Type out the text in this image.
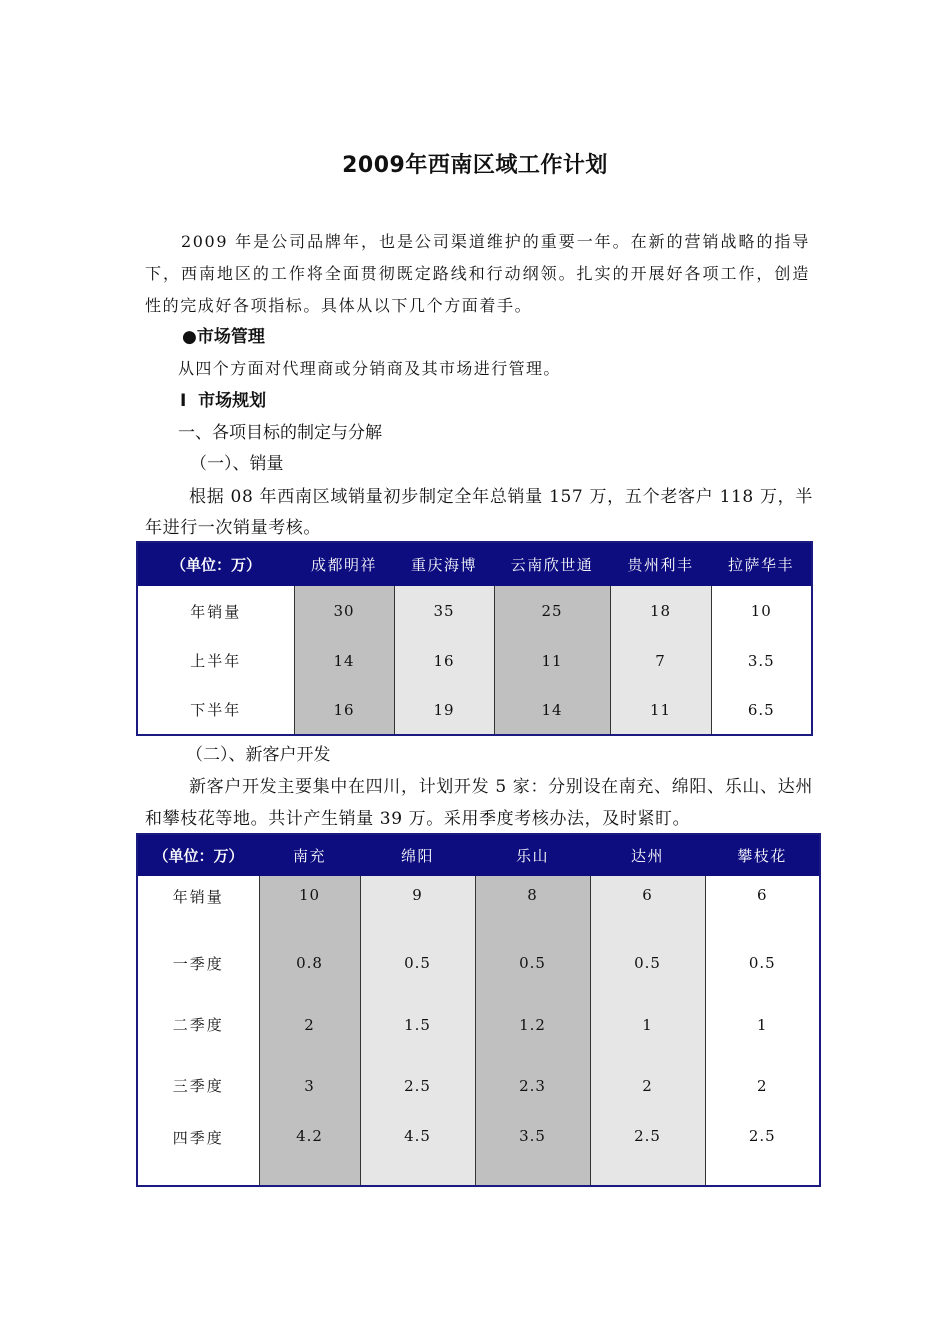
2009年西南区域工作计划
2009 年是公司品牌年，也是公司渠道维护的重要一年。在新的营销战略的指导下，西南地区的工作将全面贯彻既定路线和行动纲领。扎实的开展好各项工作，创造性的完成好各项指标。具体从以下几个方面着手。
●市场管理
从四个方面对代理商或分销商及其市场进行管理。
Ⅰ  市场规划
一、各项目标的制定与分解
（一）、销量
根据 08 年西南区域销量初步制定全年总销量 157 万，五个老客户 118 万，半年进行一次销量考核。
（单位：万）	成都明祥	重庆海博	云南欣世通	贵州利丰	拉萨华丰
年销量	30	35	25	18	10
上半年	14	16	11	7	3.5
下半年	16	19	14	11	6.5
（二）、新客户开发
新客户开发主要集中在四川，计划开发 5 家：分别设在南充、绵阳、乐山、达州和攀枝花等地。共计产生销量 39 万。采用季度考核办法，及时紧盯。
（单位：万）	南充	绵阳	乐山	达州	攀枝花
年销量	10	9	8	6	6
一季度	0.8	0.5	0.5	0.5	0.5
二季度	2	1.5	1.2	1	1
三季度	3	2.5	2.3	2	2
四季度	4.2	4.5	3.5	2.5	2.5
